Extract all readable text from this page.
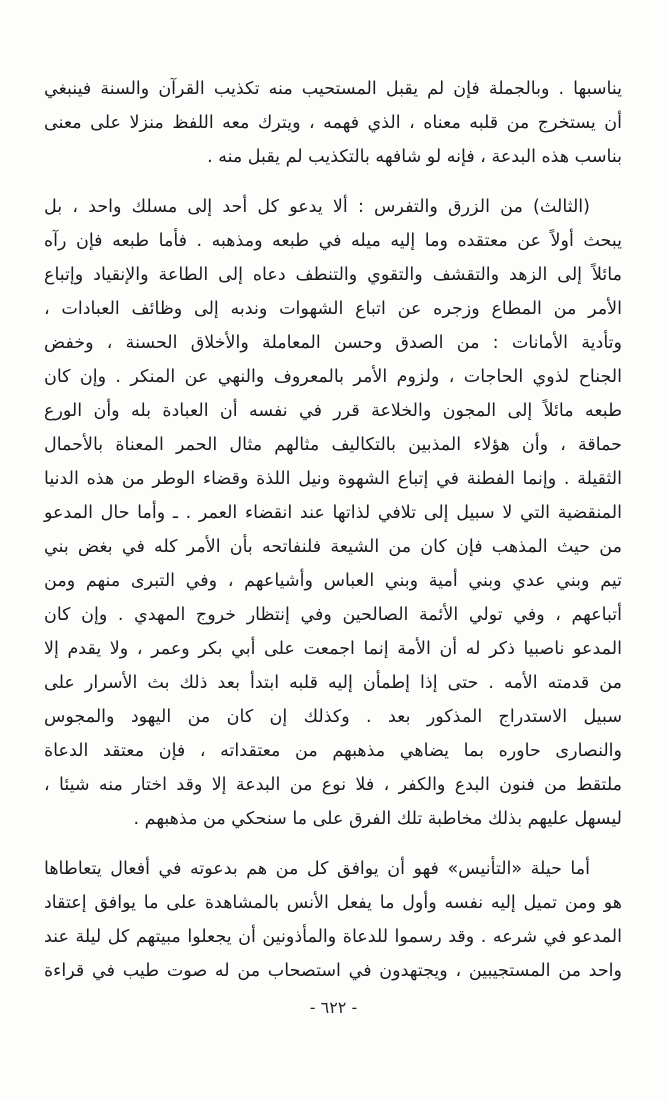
يناسبها . وبالجملة فإن لم يقبل المستحيب منه تكذيب القرآن والسنة فينبغي
أن يستخرج من قلبه معناه ، الذي فهمه ، ويترك معه اللفظ منزلا على معنى
بناسب هذه البدعة ، فإنه لو شافهه بالتكذيب لم يقبل منه .
(الثالث) من الزرق والتفرس : ألا يدعو كل أحد إلى مسلك واحد ، بل
يبحث أولاً عن معتقده وما إليه ميله في طبعه ومذهبه . فأما طبعه فإن رآه
مائلاً إلى الزهد والتقشف والتقوي والتنطف دعاه إلى الطاعة والإنقياد وإتباع
الأمر من المطاع وزجره عن اتباع الشهوات وندبه إلى وظائف العبادات ،
وتأدية الأمانات : من الصدق وحسن المعاملة والأخلاق الحسنة ، وخفض
الجناح لذوي الحاجات ، ولزوم الأمر بالمعروف والنهي عن المنكر . وإن كان
طبعه مائلاً إلى المجون والخلاعة قرر في نفسه أن العبادة بله وأن الورع
حماقة ، وأن هؤلاء المذبين بالتكاليف مثالهم مثال الحمر المعناة بالأحمال
الثقيلة . وإنما الفطنة في إتباع الشهوة ونيل اللذة وقضاء الوطر من هذه الدنيا
المنقضية التي لا سبيل إلى تلافي لذاتها عند انقضاء العمر . ـ وأما حال المدعو
من حيث المذهب فإن كان من الشيعة فلنفاتحه بأن الأمر كله في بغض بني
تيم وبني عدي وبني أمية وبني العباس وأشياعهم ، وفي التبرى منهم ومن
أتباعهم ، وفي تولي الأئمة الصالحين وفي إنتظار خروج المهدي . وإن كان
المدعو ناصبيا ذكر له أن الأمة إنما اجمعت على أبي بكر وعمر ، ولا يقدم إلا
من قدمته الأمه . حتى إذا إطمأن إليه قلبه ابتدأ بعد ذلك بث الأسرار على
سبيل الاستدراج المذكور بعد . وكذلك إن كان من اليهود والمجوس
والنصارى حاوره بما يضاهي مذهبهم من معتقداته ، فإن معتقد الدعاة
ملتقط من فنون البدع والكفر ، فلا نوع من البدعة إلا وقد اختار منه شيئا ،
ليسهل عليهم بذلك مخاطبة تلك الفرق على ما سنحكي من مذهبهم .
أما حيلة «التأنيس» فهو أن يوافق كل من هم بدعوته في أفعال يتعاطاها
هو ومن تميل إليه نفسه وأول ما يفعل الأنس بالمشاهدة على ما يوافق إعتقاد
المدعو في شرعه . وقد رسموا للدعاة والمأذونين أن يجعلوا مبيتهم كل ليلة عند
واحد من المستجيبين ، ويجتهدون في استصحاب من له صوت طيب في قراءة
- ٦٢٢ -
